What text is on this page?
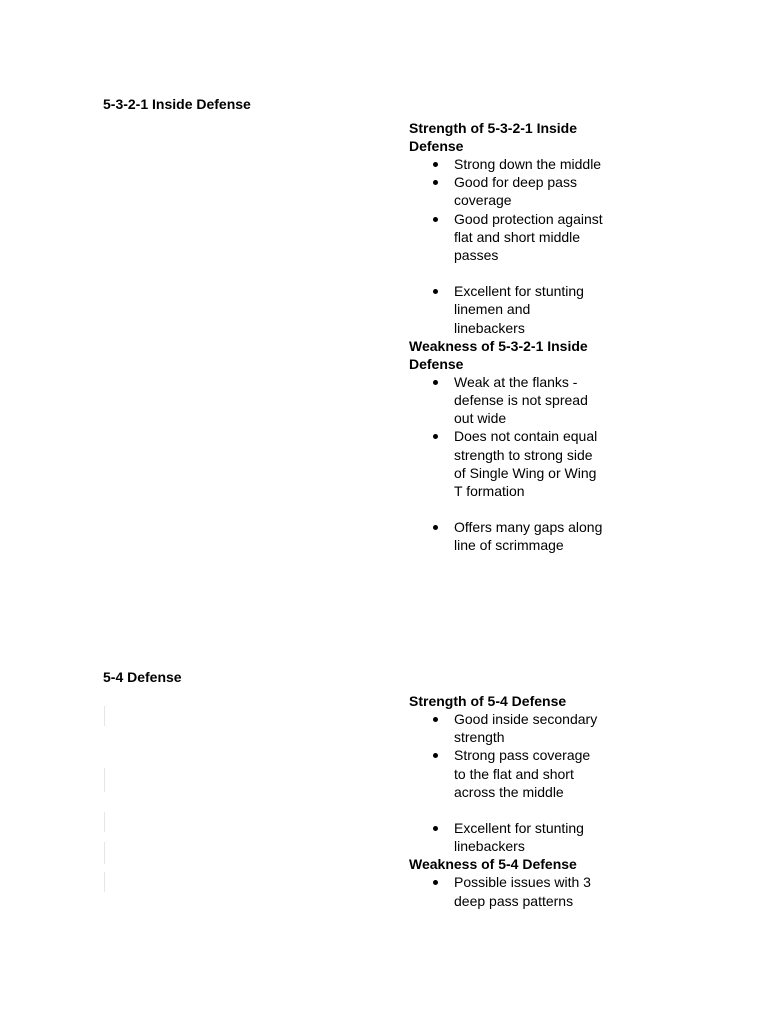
5-3-2-1 Inside Defense

Strength of 5-3-2-1 Inside Defense

Strong down the middle
Good for deep pass coverage
Good protection against flat and short middle passes
Excellent for stunting linemen and linebackers

Weakness of 5-3-2-1 Inside Defense

Weak at the flanks - defense is not spread out wide
Does not contain equal strength to strong side of Single Wing or Wing T formation
Offers many gaps along line of scrimmage
5-4 Defense

Strength of 5-4 Defense

Good inside secondary strength
Strong pass coverage to the flat and short across the middle
Excellent for stunting linebackers

Weakness of 5-4 Defense

Possible issues with 3 deep pass patterns
